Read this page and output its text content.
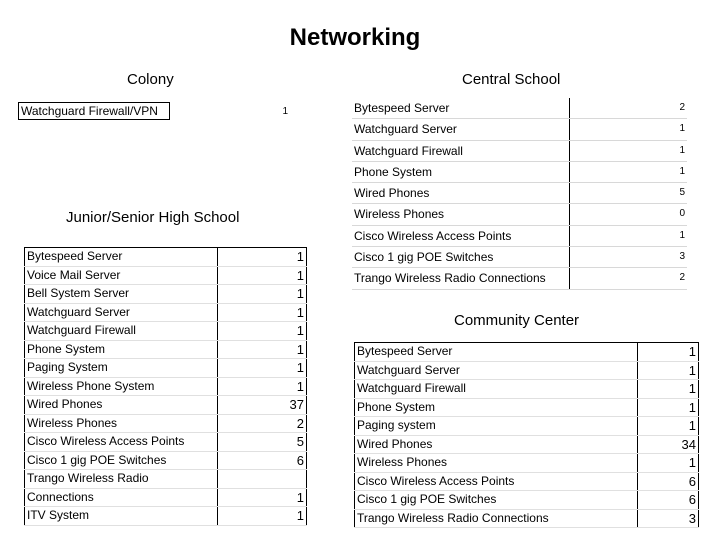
Networking
Colony
Watchguard Firewall/VPN	1
Central School
Bytespeed Server	2
Watchguard Server	1
Watchguard Firewall	1
Phone System	1
Wired Phones	5
Wireless Phones	0
Cisco Wireless Access Points	1
Cisco 1 gig POE Switches	3
Trango Wireless Radio Connections	2
Junior/Senior High School
Bytespeed Server	1
Voice Mail Server	1
Bell System Server	1
Watchguard Server	1
Watchguard Firewall	1
Phone System	1
Paging System	1
Wireless Phone System	1
Wired Phones	37
Wireless Phones	2
Cisco Wireless Access Points	5
Cisco 1 gig POE Switches	6
Trango Wireless Radio	
Connections	1
ITV System	1
Community Center
Bytespeed Server	1
Watchguard Server	1
Watchguard Firewall	1
Phone System	1
Paging system	1
Wired Phones	34
Wireless Phones	1
Cisco Wireless Access Points	6
Cisco 1 gig POE Switches	6
Trango Wireless Radio Connections	3
